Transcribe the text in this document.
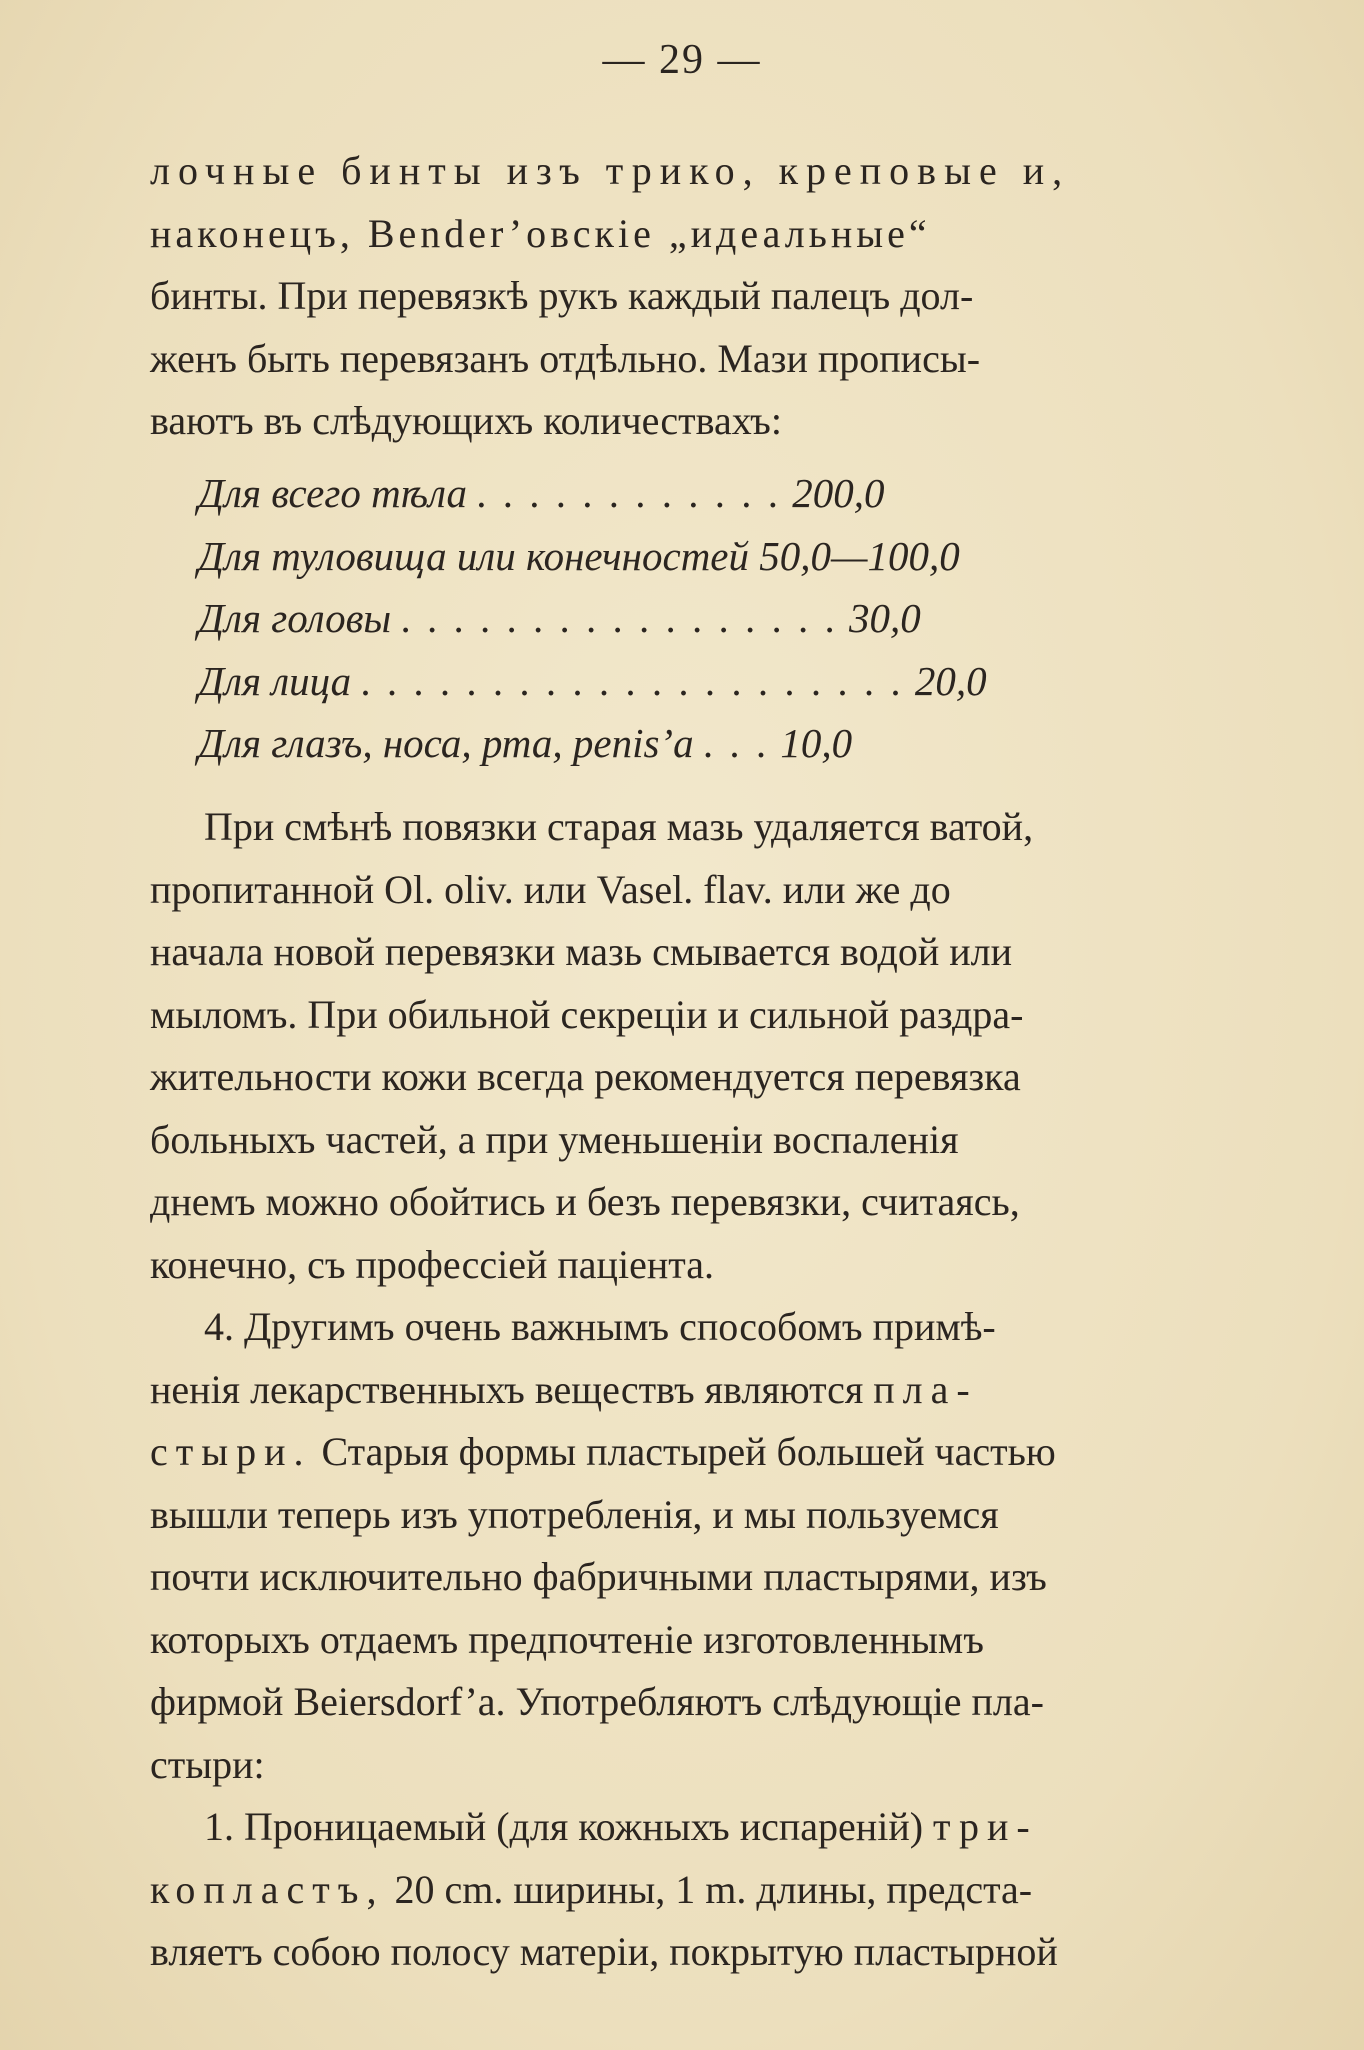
— 29 —
лочные бинты изъ трико, креповые и,
наконецъ, Bender’овскіе „идеальные“
бинты. При перевязкѣ рукъ каждый палецъ дол-
женъ быть перевязанъ отдѣльно. Мази прописы-
ваютъ въ слѣдующихъ количествахъ:
Для всего тѣла . . . . . . . . . . . . 200,0
Для туловища или конечностей 50,0—100,0
Для головы . . . . . . . . . . . . . . . . . 30,0
Для лица . . . . . . . . . . . . . . . . . . . . . 20,0
Для глазъ, носа, рта, penis’a . . . 10,0
При смѣнѣ повязки старая мазь удаляется ватой,
пропитанной Ol. oliv. или Vasel. flav. или же до
начала новой перевязки мазь смывается водой или
мыломъ. При обильной секреціи и сильной раздра-
жительности кожи всегда рекомендуется перевязка
больныхъ частей, а при уменьшеніи воспаленія
днемъ можно обойтись и безъ перевязки, считаясь,
конечно, съ профессіей паціента.
4. Другимъ очень важнымъ способомъ примѣ-
ненія лекарственныхъ веществъ являются пла-
стыри. Старыя формы пластырей большей частью
вышли теперь изъ употребленія, и мы пользуемся
почти исключительно фабричными пластырями, изъ
которыхъ отдаемъ предпочтеніе изготовленнымъ
фирмой Beiersdorf’a. Употребляютъ слѣдующіе пла-
стыри:
1. Проницаемый (для кожныхъ испареній) три-
копластъ, 20 cm. ширины, 1 m. длины, предста-
вляетъ собою полосу матеріи, покрытую пластырной
